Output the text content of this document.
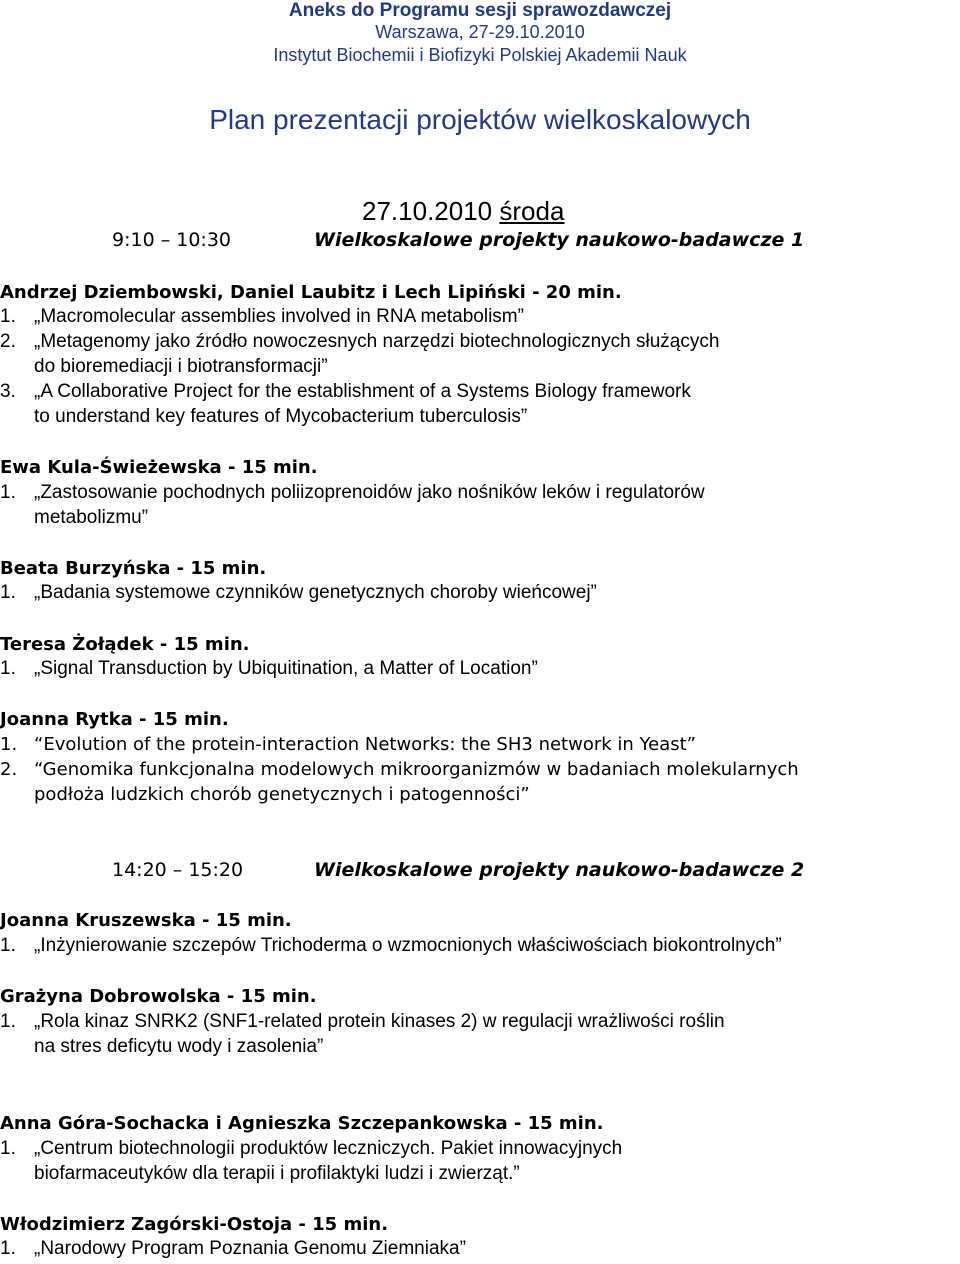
Aneks do Programu sesji sprawozdawczej
Warszawa, 27-29.10.2010
Instytut Biochemii i Biofizyki Polskiej Akademii Nauk
Plan prezentacji projektów wielkoskalowych
27.10.2010 środa
9:10 – 10:30	Wielkoskalowe projekty naukowo-badawcze 1
Andrzej Dziembowski, Daniel Laubitz i Lech Lipiński - 20 min.
1. „Macromolecular assemblies involved in RNA metabolism”
2. „Metagenomy jako źródło nowoczesnych narzędzi biotechnologicznych służących
do bioremediacji i biotransformacji”
3. „A Collaborative Project for the establishment of a Systems Biology framework
to understand key features of Mycobacterium tuberculosis”
Ewa Kula-Świeżewska - 15 min.
1. „Zastosowanie pochodnych poliizoprenoidów jako nośników leków i regulatorów
metabolizmu”
Beata Burzyńska - 15 min.
1. „Badania systemowe czynników genetycznych choroby wieńcowej”
Teresa Żołądek - 15 min.
1. „Signal Transduction by Ubiquitination, a Matter of Location”
Joanna Rytka - 15 min.
1. “Evolution of the protein-interaction Networks: the SH3 network in Yeast”
2. “Genomika funkcjonalna modelowych mikroorganizmów w badaniach molekularnych
podłoża ludzkich chorób genetycznych i patogenności”
14:20 – 15:20	Wielkoskalowe projekty naukowo-badawcze 2
Joanna Kruszewska - 15 min.
1. „Inżynierowanie szczepów Trichoderma o wzmocnionych właściwościach biokontrolnych”
Grażyna Dobrowolska - 15 min.
1. „Rola kinaz SNRK2 (SNF1-related protein kinases 2) w regulacji wrażliwości roślin
na stres deficytu wody i zasolenia”
Anna Góra-Sochacka i Agnieszka Szczepankowska - 15 min.
1. „Centrum biotechnologii produktów leczniczych. Pakiet innowacyjnych
biofarmaceutyków dla terapii i profilaktyki ludzi i zwierząt.”
Włodzimierz Zagórski-Ostoja - 15 min.
1. „Narodowy Program Poznania Genomu Ziemniaka”
